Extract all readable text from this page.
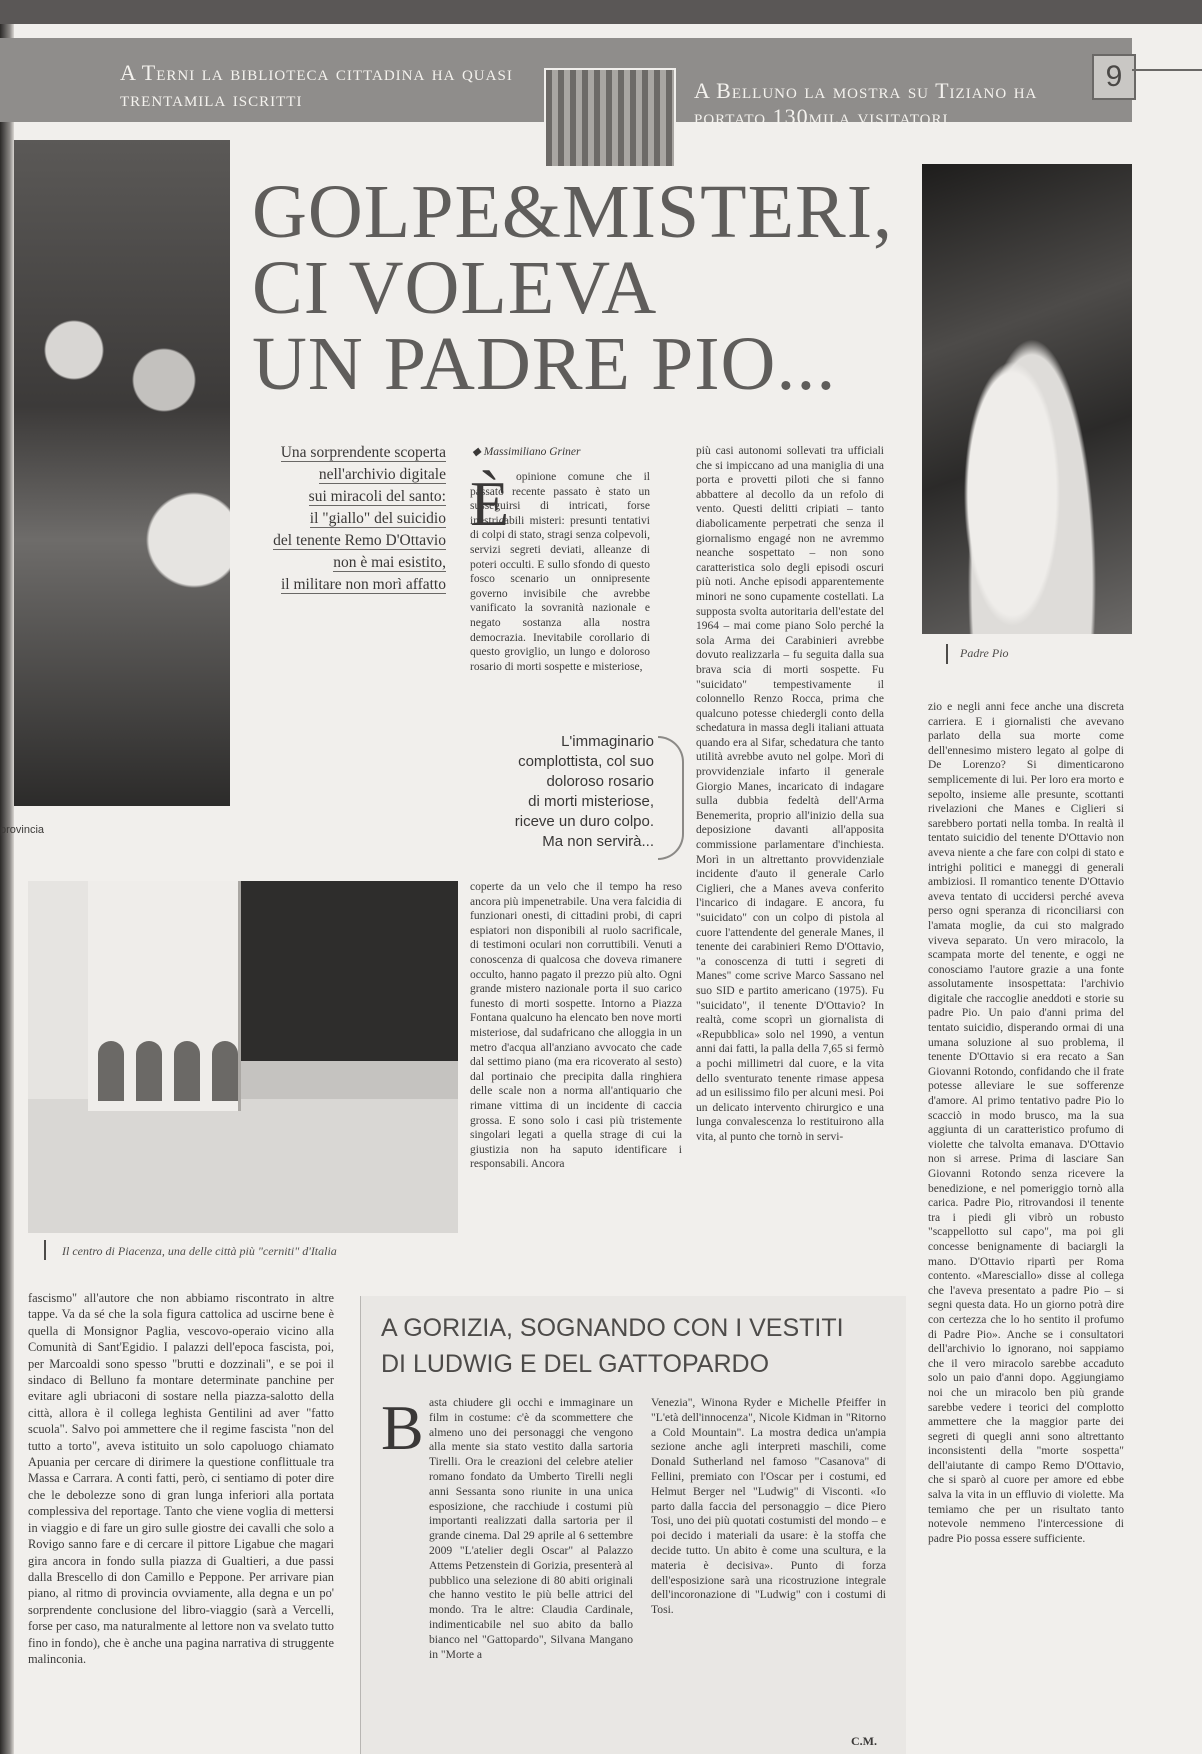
A Terni la biblioteca cittadina ha quasi trentamila iscritti	A Belluno la mostra su Tiziano ha portato 130mila visitatori
9
provincia
GOLPE&MISTERI,
CI VOLEVA
UN PADRE PIO...
Padre Pio
Una sorprendente scoperta
nell'archivio digitale
sui miracoli del santo:
il "giallo" del suicidio
del tenente Remo D'Ottavio
non è mai esistito,
il militare non morì affatto
◆ Massimiliano Griner
È opinione comune che il passato recente passato è stato un susseguirsi di intricati, forse inestricabili misteri: presunti tentativi di colpi di stato, stragi senza colpevoli, servizi segreti deviati, alleanze di poteri occulti. E sullo sfondo di questo fosco scenario un onnipresente governo invisibile che avrebbe vanificato la sovranità nazionale e negato sostanza alla nostra democrazia. Inevitabile corollario di questo groviglio, un lungo e doloroso rosario di morti sospette e misteriose,
L'immaginario
complottista, col suo
doloroso rosario
di morti misteriose,
riceve un duro colpo.
Ma non servirà...
più casi autonomi sollevati tra ufficiali che si impiccano ad una maniglia di una porta e provetti piloti che si fanno abbattere al decollo da un refolo di vento. Questi delitti cripiati – tanto diabolicamente perpetrati che senza il giornalismo engagé non ne avremmo neanche sospettato – non sono caratteristica solo degli episodi oscuri più noti. Anche episodi apparentemente minori ne sono cupamente costellati. La supposta svolta autoritaria dell'estate del 1964 – mai come piano Solo perché la sola Arma dei Carabinieri avrebbe dovuto realizzarla – fu seguita dalla sua brava scia di morti sospette. Fu "suicidato" tempestivamente il colonnello Renzo Rocca, prima che qualcuno potesse chiedergli conto della schedatura in massa degli italiani attuata quando era al Sifar, schedatura che tanto utilità avrebbe avuto nel golpe. Morì di provvidenziale infarto il generale Giorgio Manes, incaricato di indagare sulla dubbia fedeltà dell'Arma Benemerita, proprio all'inizio della sua deposizione davanti all'apposita commissione parlamentare d'inchiesta. Morì in un altrettanto provvidenziale incidente d'auto il generale Carlo Ciglieri, che a Manes aveva conferito l'incarico di indagare. E ancora, fu "suicidato" con un colpo di pistola al cuore l'attendente del generale Manes, il tenente dei carabinieri Remo D'Ottavio, "a conoscenza di tutti i segreti di Manes" come scrive Marco Sassano nel suo SID e partito americano (1975). Fu "suicidato", il tenente D'Ottavio? In realtà, come scoprì un giornalista di «Repubblica» solo nel 1990, a ventun anni dai fatti, la palla della 7,65 si fermò a pochi millimetri dal cuore, e la vita dello sventurato tenente rimase appesa ad un esilissimo filo per alcuni mesi. Poi un delicato intervento chirurgico e una lunga convalescenza lo restituirono alla vita, al punto che tornò in servi-
zio e negli anni fece anche una discreta carriera. E i giornalisti che avevano parlato della sua morte come dell'ennesimo mistero legato al golpe di De Lorenzo? Si dimenticarono semplicemente di lui. Per loro era morto e sepolto, insieme alle presunte, scottanti rivelazioni che Manes e Ciglieri si sarebbero portati nella tomba. In realtà il tentato suicidio del tenente D'Ottavio non aveva niente a che fare con colpi di stato e intrighi politici e maneggi di generali ambiziosi. Il romantico tenente D'Ottavio aveva tentato di uccidersi perché aveva perso ogni speranza di riconciliarsi con l'amata moglie, da cui sto malgrado viveva separato. Un vero miracolo, la scampata morte del tenente, e oggi ne conosciamo l'autore grazie a una fonte assolutamente insospettata: l'archivio digitale che raccoglie aneddoti e storie su padre Pio. Un paio d'anni prima del tentato suicidio, disperando ormai di una umana soluzione al suo problema, il tenente D'Ottavio si era recato a San Giovanni Rotondo, confidando che il frate potesse alleviare le sue sofferenze d'amore. Al primo tentativo padre Pio lo scacciò in modo brusco, ma la sua aggiunta di un caratteristico profumo di violette che talvolta emanava. D'Ottavio non si arrese. Prima di lasciare San Giovanni Rotondo senza ricevere la benedizione, e nel pomeriggio tornò alla carica. Padre Pio, ritrovandosi il tenente tra i piedi gli vibrò un robusto "scappellotto sul capo", ma poi gli concesse benignamente di baciargli la mano. D'Ottavio ripartì per Roma contento. «Maresciallo» disse al collega che l'aveva presentato a padre Pio – si segni questa data. Ho un giorno potrà dire con certezza che lo ho sentito il profumo di Padre Pio». Anche se i consultatori dell'archivio lo ignorano, noi sappiamo che il vero miracolo sarebbe accaduto solo un paio d'anni dopo. Aggiungiamo noi che un miracolo ben più grande sarebbe vedere i teorici del complotto ammettere che la maggior parte dei segreti di quegli anni sono altrettanto inconsistenti della "morte sospetta" dell'aiutante di campo Remo D'Ottavio, che si sparò al cuore per amore ed ebbe salva la vita in un effluvio di violette. Ma temiamo che per un risultato tanto notevole nemmeno l'intercessione di padre Pio possa essere sufficiente.
Il centro di Piacenza, una delle città più "cerniti" d'Italia
coperte da un velo che il tempo ha reso ancora più impenetrabile. Una vera falcidia di funzionari onesti, di cittadini probi, di capri espiatori non disponibili al ruolo sacrificale, di testimoni oculari non corruttibili. Venuti a conoscenza di qualcosa che doveva rimanere occulto, hanno pagato il prezzo più alto. Ogni grande mistero nazionale porta il suo carico funesto di morti sospette. Intorno a Piazza Fontana qualcuno ha elencato ben nove morti misteriose, dal sudafricano che alloggia in un metro d'acqua all'anziano avvocato che cade dal settimo piano (ma era ricoverato al sesto) dal portinaio che precipita dalla ringhiera delle scale non a norma all'antiquario che rimane vittima di un incidente di caccia grossa. E sono solo i casi più tristemente singolari legati a quella strage di cui la giustizia non ha saputo identificare i responsabili. Ancora
fascismo" all'autore che non abbiamo riscontrato in altre tappe. Va da sé che la sola figura cattolica ad uscirne bene è quella di Monsignor Paglia, vescovo-operaio vicino alla Comunità di Sant'Egidio. I palazzi dell'epoca fascista, poi, per Marcoaldi sono spesso "brutti e dozzinali", e se poi il sindaco di Belluno fa montare determinate panchine per evitare agli ubriaconi di sostare nella piazza-salotto della città, allora è il collega leghista Gentilini ad aver "fatto scuola". Salvo poi ammettere che il regime fascista "non del tutto a torto", aveva istituito un solo capoluogo chiamato Apuania per cercare di dirimere la questione conflittuale tra Massa e Carrara. A conti fatti, però, ci sentiamo di poter dire che le debolezze sono di gran lunga inferiori alla portata complessiva del reportage. Tanto che viene voglia di mettersi in viaggio e di fare un giro sulle giostre dei cavalli che solo a Rovigo sanno fare e di cercare il pittore Ligabue che magari gira ancora in fondo sulla piazza di Gualtieri, a due passi dalla Brescello di don Camillo e Peppone. Per arrivare pian piano, al ritmo di provincia ovviamente, alla degna e un po' sorprendente conclusione del libro-viaggio (sarà a Vercelli, forse per caso, ma naturalmente al lettore non va svelato tutto fino in fondo), che è anche una pagina narrativa di struggente malinconia.
A GORIZIA, SOGNANDO CON I VESTITI
DI LUDWIG E DEL GATTOPARDO
B asta chiudere gli occhi e immaginare un film in costume: c'è da scommettere che almeno uno dei personaggi che vengono alla mente sia stato vestito dalla sartoria Tirelli. Ora le creazioni del celebre atelier romano fondato da Umberto Tirelli negli anni Sessanta sono riunite in una unica esposizione, che racchiude i costumi più importanti realizzati dalla sartoria per il grande cinema. Dal 29 aprile al 6 settembre 2009 "L'atelier degli Oscar" al Palazzo Attems Petzenstein di Gorizia, presenterà al pubblico una selezione di 80 abiti originali che hanno vestito le più belle attrici del mondo. Tra le altre: Claudia Cardinale, indimenticabile nel suo abito da ballo bianco nel "Gattopardo", Silvana Mangano in "Morte a
Venezia", Winona Ryder e Michelle Pfeiffer in "L'età dell'innocenza", Nicole Kidman in "Ritorno a Cold Mountain". La mostra dedica un'ampia sezione anche agli interpreti maschili, come Donald Sutherland nel famoso "Casanova" di Fellini, premiato con l'Oscar per i costumi, ed Helmut Berger nel "Ludwig" di Visconti. «Io parto dalla faccia del personaggio – dice Piero Tosi, uno dei più quotati costumisti del mondo – e poi decido i materiali da usare: è la stoffa che decide tutto. Un abito è come una scultura, e la materia è decisiva». Punto di forza dell'esposizione sarà una ricostruzione integrale dell'incoronazione di "Ludwig" con i costumi di Tosi.
C.M.
